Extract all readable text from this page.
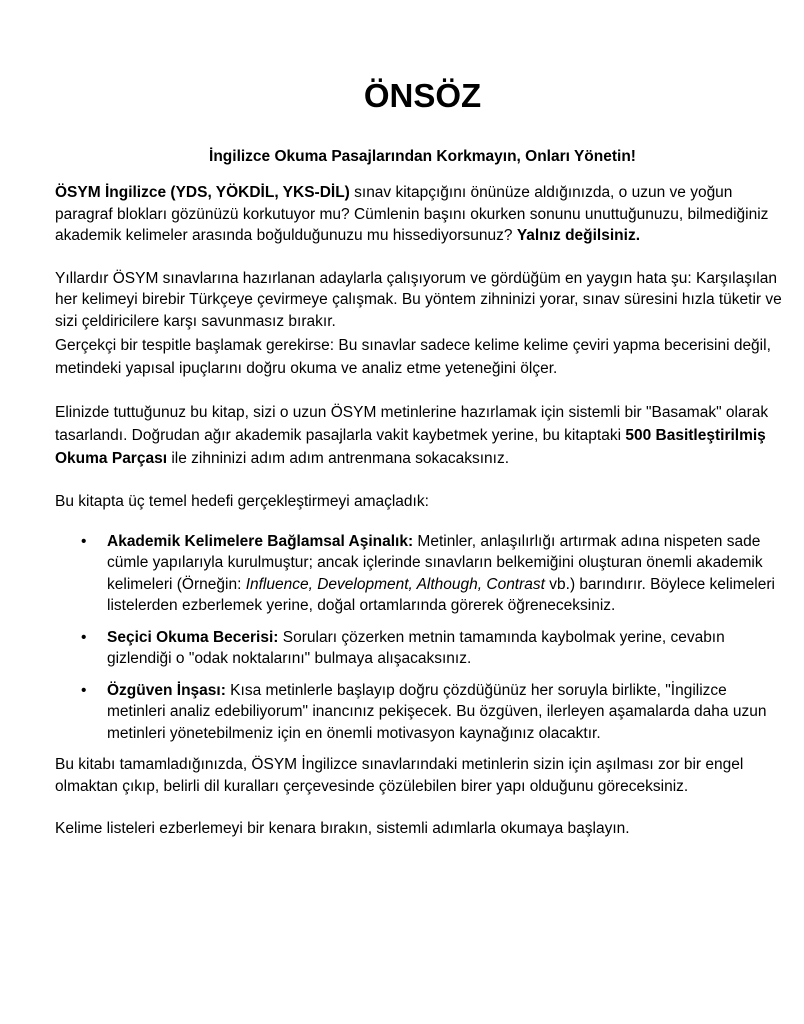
ÖNSÖZ

İngilizce Okuma Pasajlarından Korkmayın, Onları Yönetin!

ÖSYM İngilizce (YDS, YÖKDİL, YKS-DİL) sınav kitapçığını önünüze aldığınızda, o uzun ve yoğun paragraf blokları gözünüzü korkutuyor mu? Cümlenin başını okurken sonunu unuttuğunuzu, bilmediğiniz akademik kelimeler arasında boğulduğunuzu mu hissediyorsunuz? Yalnız değilsiniz.

Yıllardır ÖSYM sınavlarına hazırlanan adaylarla çalışıyorum ve gördüğüm en yaygın hata şu: Karşılaşılan her kelimeyi birebir Türkçeye çevirmeye çalışmak. Bu yöntem zihninizi yorar, sınav süresini hızla tüketir ve sizi çeldiricilere karşı savunmasız bırakır.

Gerçekçi bir tespitle başlamak gerekirse: Bu sınavlar sadece kelime kelime çeviri yapma becerisini değil, metindeki yapısal ipuçlarını doğru okuma ve analiz etme yeteneğini ölçer.

Elinizde tuttuğunuz bu kitap, sizi o uzun ÖSYM metinlerine hazırlamak için sistemli bir "Basamak" olarak tasarlandı. Doğrudan ağır akademik pasajlarla vakit kaybetmek yerine, bu kitaptaki 500 Basitleştirilmiş Okuma Parçası ile zihninizi adım adım antrenmana sokacaksınız.

Bu kitapta üç temel hedefi gerçekleştirmeyi amaçladık:

• Akademik Kelimelere Bağlamsal Aşinalık: Metinler, anlaşılırlığı artırmak adına nispeten sade cümle yapılarıyla kurulmuştur; ancak içlerinde sınavların belkemiğini oluşturan önemli akademik kelimeleri (Örneğin: Influence, Development, Although, Contrast vb.) barındırır. Böylece kelimeleri listelerden ezberlemek yerine, doğal ortamlarında görerek öğreneceksiniz.
• Seçici Okuma Becerisi: Soruları çözerken metnin tamamında kaybolmak yerine, cevabın gizlendiği o "odak noktalarını" bulmaya alışacaksınız.
• Özgüven İnşası: Kısa metinlerle başlayıp doğru çözdüğünüz her soruyla birlikte, "İngilizce metinleri analiz edebiliyorum" inancınız pekişecek. Bu özgüven, ilerleyen aşamalarda daha uzun metinleri yönetebilmeniz için en önemli motivasyon kaynağınız olacaktır.

Bu kitabı tamamladığınızda, ÖSYM İngilizce sınavlarındaki metinlerin sizin için aşılması zor bir engel olmaktan çıkıp, belirli dil kuralları çerçevesinde çözülebilen birer yapı olduğunu göreceksiniz.

Kelime listeleri ezberlemeyi bir kenara bırakın, sistemli adımlarla okumaya başlayın.
